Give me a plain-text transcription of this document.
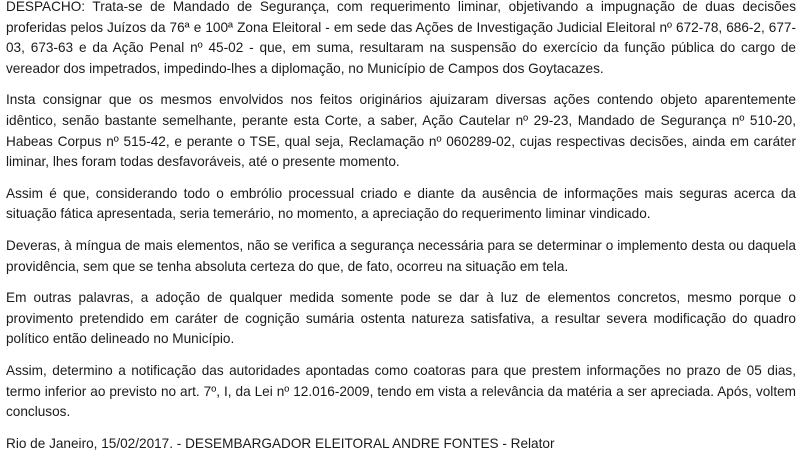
DESPACHO: Trata-se de Mandado de Segurança, com requerimento liminar, objetivando a impugnação de duas decisões proferidas pelos Juízos da 76ª e 100ª Zona Eleitoral - em sede das Ações de Investigação Judicial Eleitoral nº 672-78, 686-2, 677-03, 673-63 e da Ação Penal nº 45-02 - que, em suma, resultaram na suspensão do exercício da função pública do cargo de vereador dos impetrados, impedindo-lhes a diplomação, no Município de Campos dos Goytacazes.

Insta consignar que os mesmos envolvidos nos feitos originários ajuizaram diversas ações contendo objeto aparentemente idêntico, senão bastante semelhante, perante esta Corte, a saber, Ação Cautelar nº 29-23, Mandado de Segurança nº 510-20, Habeas Corpus nº 515-42, e perante o TSE, qual seja, Reclamação nº 060289-02, cujas respectivas decisões, ainda em caráter liminar, lhes foram todas desfavoráveis, até o presente momento.

Assim é que, considerando todo o embrólio processual criado e diante da ausência de informações mais seguras acerca da situação fática apresentada, seria temerário, no momento, a apreciação do requerimento liminar vindicado.

Deveras, à míngua de mais elementos, não se verifica a segurança necessária para se determinar o implemento desta ou daquela providência, sem que se tenha absoluta certeza do que, de fato, ocorreu na situação em tela.

Em outras palavras, a adoção de qualquer medida somente pode se dar à luz de elementos concretos, mesmo porque o provimento pretendido em caráter de cognição sumária ostenta natureza satisfativa, a resultar severa modificação do quadro político então delineado no Município.

Assim, determino a notificação das autoridades apontadas como coatoras para que prestem informações no prazo de 05 dias, termo inferior ao previsto no art. 7º, I, da Lei nº 12.016-2009, tendo em vista a relevância da matéria a ser apreciada. Após, voltem conclusos.

Rio de Janeiro, 15/02/2017. - DESEMBARGADOR ELEITORAL ANDRE FONTES - Relator
